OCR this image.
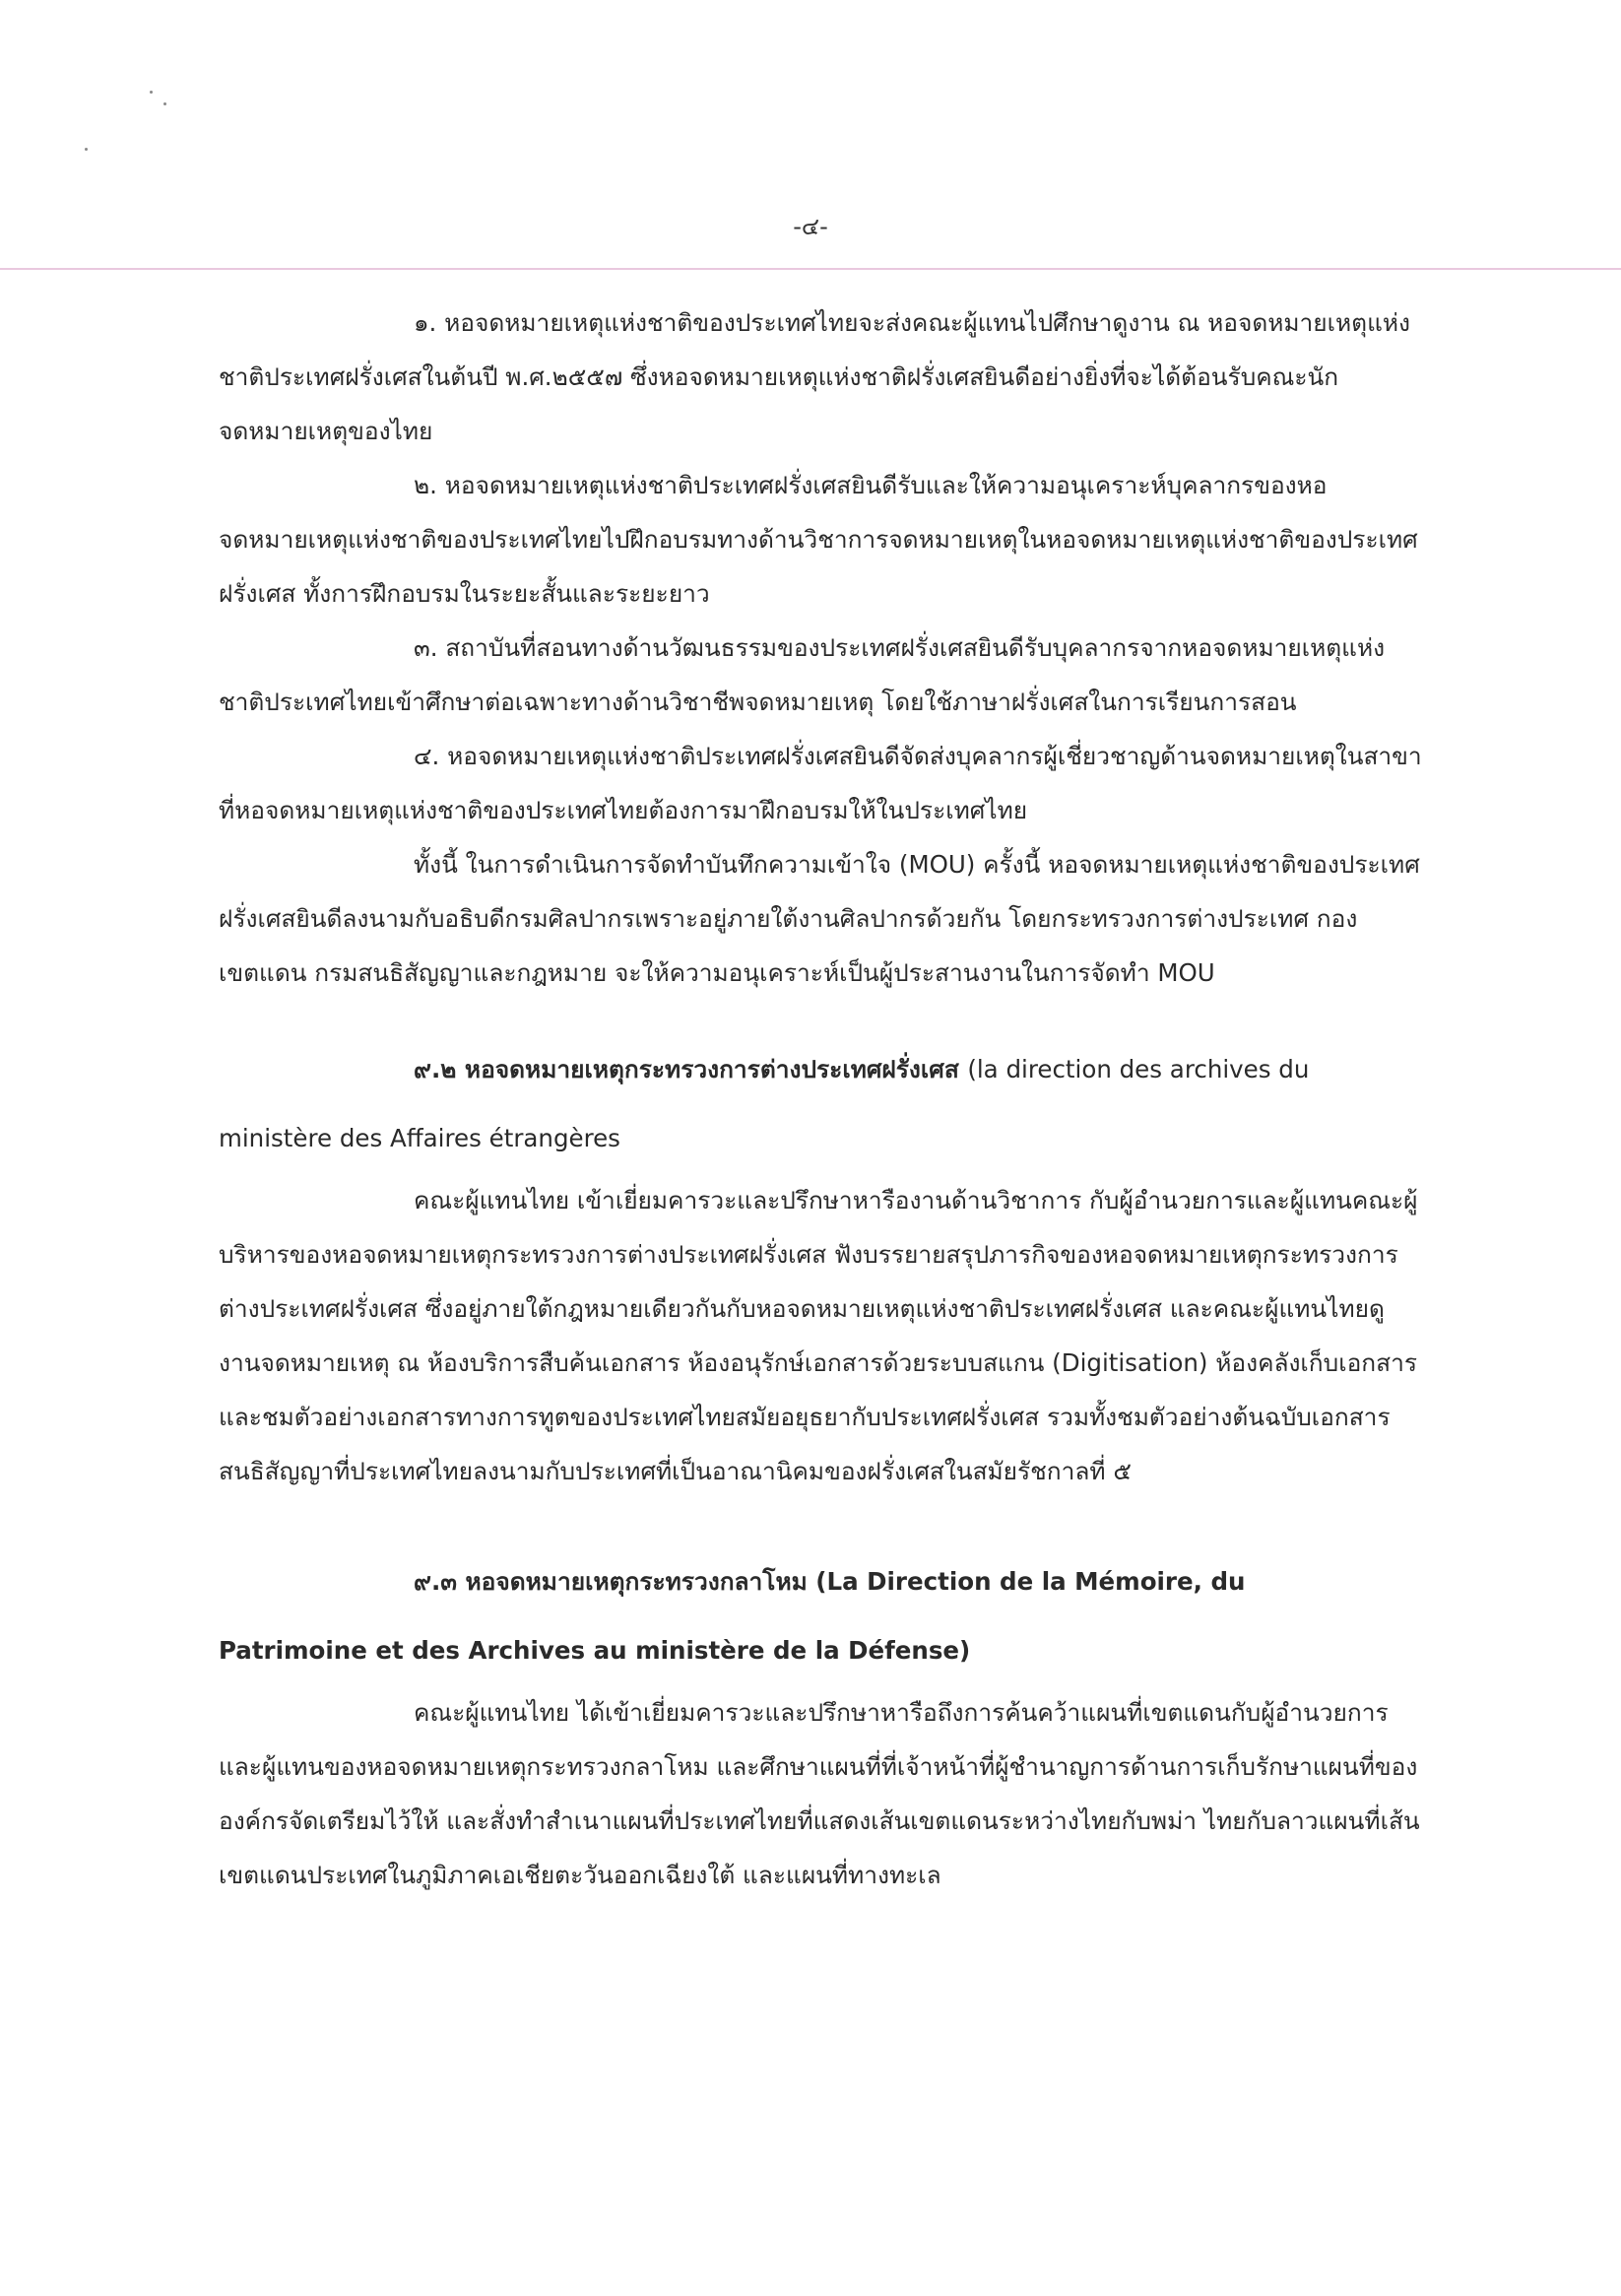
-๔-

๑. หอจดหมายเหตุแห่งชาติของประเทศไทยจะส่งคณะผู้แทนไปศึกษาดูงาน ณ หอจดหมายเหตุแห่งชาติประเทศฝรั่งเศสในต้นปี พ.ศ.๒๕๕๗ ซึ่งหอจดหมายเหตุแห่งชาติฝรั่งเศสยินดีอย่างยิ่งที่จะได้ต้อนรับคณะนักจดหมายเหตุของไทย

๒. หอจดหมายเหตุแห่งชาติประเทศฝรั่งเศสยินดีรับและให้ความอนุเคราะห์บุคลากรของหอจดหมายเหตุแห่งชาติของประเทศไทยไปฝึกอบรมทางด้านวิชาการจดหมายเหตุในหอจดหมายเหตุแห่งชาติของประเทศฝรั่งเศส ทั้งการฝึกอบรมในระยะสั้นและระยะยาว

๓. สถาบันที่สอนทางด้านวัฒนธรรมของประเทศฝรั่งเศสยินดีรับบุคลากรจากหอจดหมายเหตุแห่งชาติประเทศไทยเข้าศึกษาต่อเฉพาะทางด้านวิชาชีพจดหมายเหตุ โดยใช้ภาษาฝรั่งเศสในการเรียนการสอน

๔. หอจดหมายเหตุแห่งชาติประเทศฝรั่งเศสยินดีจัดส่งบุคลากรผู้เชี่ยวชาญด้านจดหมายเหตุในสาขาที่หอจดหมายเหตุแห่งชาติของประเทศไทยต้องการมาฝึกอบรมให้ในประเทศไทย

ทั้งนี้ ในการดำเนินการจัดทำบันทึกความเข้าใจ (MOU) ครั้งนี้ หอจดหมายเหตุแห่งชาติของประเทศฝรั่งเศสยินดีลงนามกับอธิบดีกรมศิลปากรเพราะอยู่ภายใต้งานศิลปากรด้วยกัน โดยกระทรวงการต่างประเทศ กองเขตแดน กรมสนธิสัญญาและกฎหมาย จะให้ความอนุเคราะห์เป็นผู้ประสานงานในการจัดทำ MOU

๙.๒ หอจดหมายเหตุกระทรวงการต่างประเทศฝรั่งเศส (la direction des archives du

ministère des Affaires étrangères

คณะผู้แทนไทย เข้าเยี่ยมคารวะและปรึกษาหารืองานด้านวิชาการ กับผู้อำนวยการและผู้แทนคณะผู้บริหารของหอจดหมายเหตุกระทรวงการต่างประเทศฝรั่งเศส ฟังบรรยายสรุปภารกิจของหอจดหมายเหตุกระทรวงการต่างประเทศฝรั่งเศส ซึ่งอยู่ภายใต้กฎหมายเดียวกันกับหอจดหมายเหตุแห่งชาติประเทศฝรั่งเศส และคณะผู้แทนไทยดูงานจดหมายเหตุ ณ ห้องบริการสืบค้นเอกสาร ห้องอนุรักษ์เอกสารด้วยระบบสแกน (Digitisation) ห้องคลังเก็บเอกสาร และชมตัวอย่างเอกสารทางการทูตของประเทศไทยสมัยอยุธยากับประเทศฝรั่งเศส รวมทั้งชมตัวอย่างต้นฉบับเอกสารสนธิสัญญาที่ประเทศไทยลงนามกับประเทศที่เป็นอาณานิคมของฝรั่งเศสในสมัยรัชกาลที่ ๕

๙.๓ หอจดหมายเหตุกระทรวงกลาโหม (La Direction de la Mémoire, du

Patrimoine et des Archives au ministère de la Défense)

คณะผู้แทนไทย ได้เข้าเยี่ยมคารวะและปรึกษาหารือถึงการค้นคว้าแผนที่เขตแดนกับผู้อำนวยการและผู้แทนของหอจดหมายเหตุกระทรวงกลาโหม และศึกษาแผนที่ที่เจ้าหน้าที่ผู้ชำนาญการด้านการเก็บรักษาแผนที่ขององค์กรจัดเตรียมไว้ให้ และสั่งทำสำเนาแผนที่ประเทศไทยที่แสดงเส้นเขตแดนระหว่างไทยกับพม่า ไทยกับลาวแผนที่เส้นเขตแดนประเทศในภูมิภาคเอเชียตะวันออกเฉียงใต้ และแผนที่ทางทะเล
